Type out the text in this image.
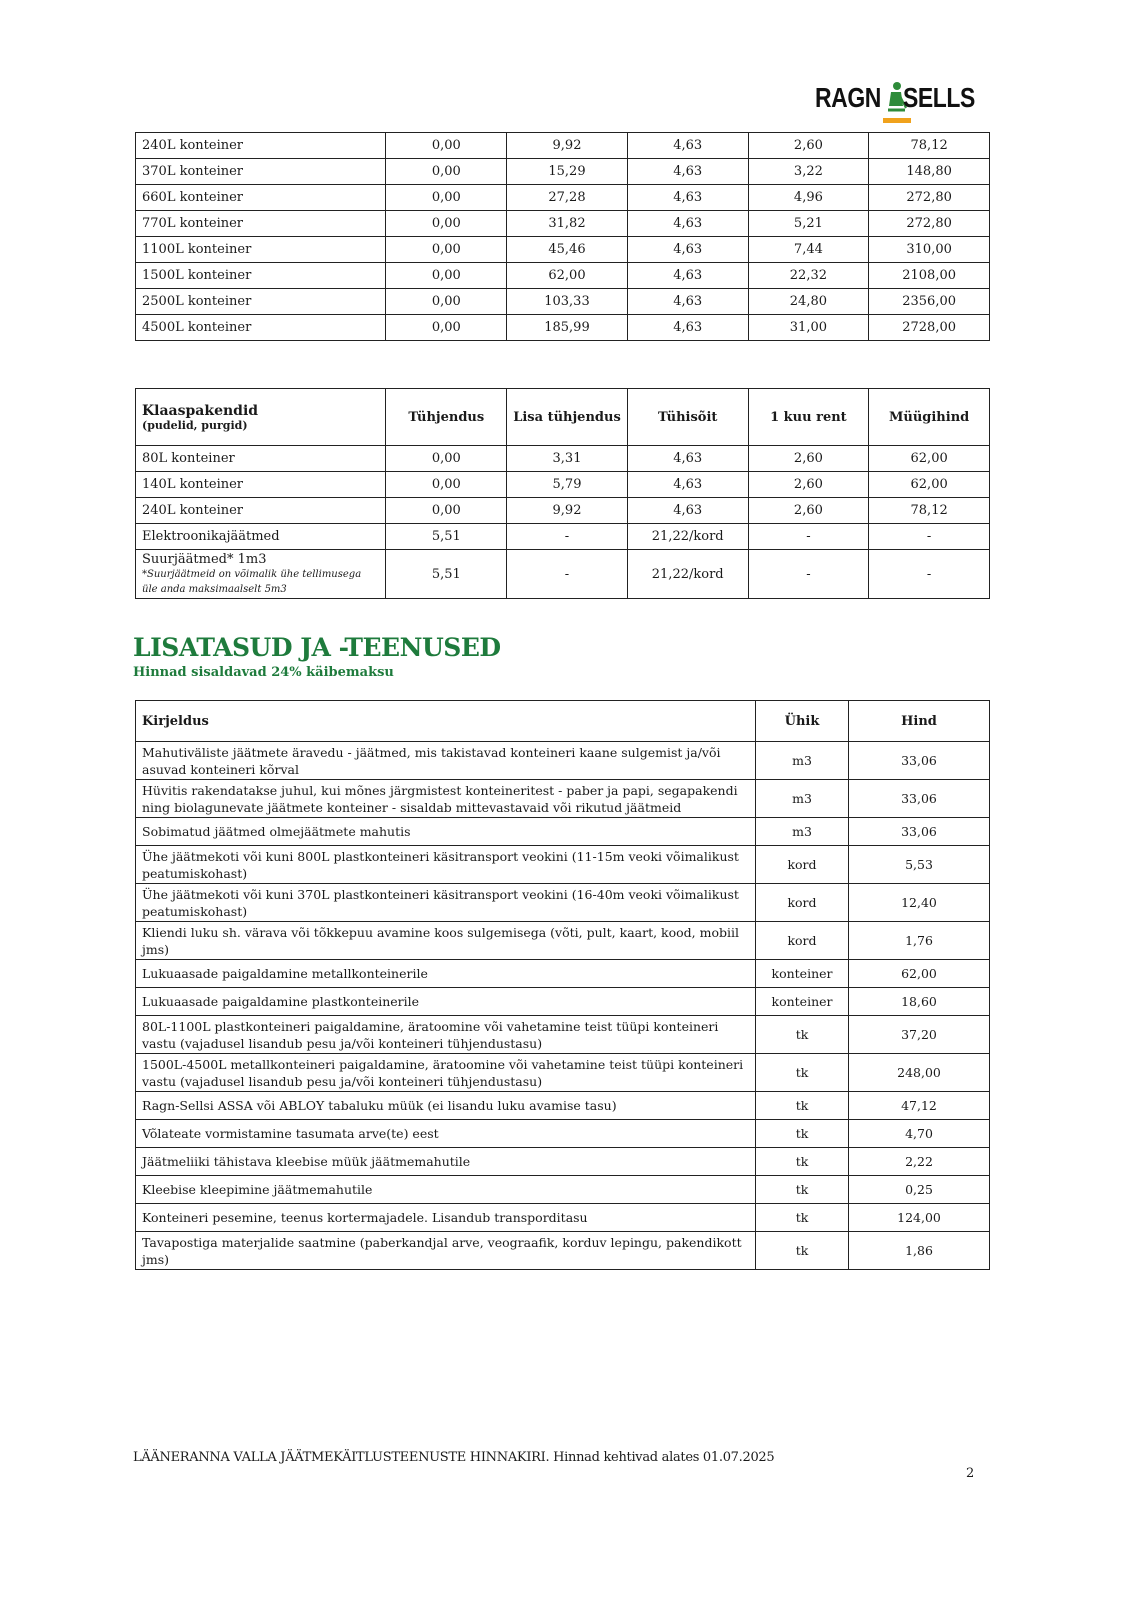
RAGN SELLS
240L konteiner	0,00	9,92	4,63	2,60	78,12
370L konteiner	0,00	15,29	4,63	3,22	148,80
660L konteiner	0,00	27,28	4,63	4,96	272,80
770L konteiner	0,00	31,82	4,63	5,21	272,80
1100L konteiner	0,00	45,46	4,63	7,44	310,00
1500L konteiner	0,00	62,00	4,63	22,32	2108,00
2500L konteiner	0,00	103,33	4,63	24,80	2356,00
4500L konteiner	0,00	185,99	4,63	31,00	2728,00
Klaaspakendid
(pudelid, purgid)	Tühjendus	Lisa tühjendus	Tühisõit	1 kuu rent	Müügihind
80L konteiner	0,00	3,31	4,63	2,60	62,00
140L konteiner	0,00	5,79	4,63	2,60	62,00
240L konteiner	0,00	9,92	4,63	2,60	78,12
Elektroonikajäätmed	5,51	-	21,22/kord	-	-
Suurjäätmed* 1m3
*Suurjäätmeid on võimalik ühe tellimusega üle anda maksimaalselt 5m3	5,51	-	21,22/kord	-	-
LISATASUD JA -TEENUSED
Hinnad sisaldavad 24% käibemaksu
Kirjeldus	Ühik	Hind
Mahutiväliste jäätmete äravedu - jäätmed, mis takistavad konteineri kaane sulgemist ja/või asuvad konteineri kõrval	m3	33,06
Hüvitis rakendatakse juhul, kui mõnes järgmistest konteineritest - paber ja papi, segapakendi ning biolagunevate jäätmete konteiner - sisaldab mittevastavaid või rikutud jäätmeid	m3	33,06
Sobimatud jäätmed olmejäätmete mahutis	m3	33,06
Ühe jäätmekoti või kuni 800L plastkonteineri käsitransport veokini (11-15m veoki võimalikust peatumiskohast)	kord	5,53
Ühe jäätmekoti või kuni 370L plastkonteineri käsitransport veokini (16-40m veoki võimalikust peatumiskohast)	kord	12,40
Kliendi luku sh. värava või tõkkepuu avamine koos sulgemisega (võti, pult, kaart, kood, mobiil jms)	kord	1,76
Lukuaasade paigaldamine metallkonteinerile	konteiner	62,00
Lukuaasade paigaldamine plastkonteinerile	konteiner	18,60
80L-1100L plastkonteineri paigaldamine, äratoomine või vahetamine teist tüüpi konteineri vastu (vajadusel lisandub pesu ja/või konteineri tühjendustasu)	tk	37,20
1500L-4500L metallkonteineri paigaldamine, äratoomine või vahetamine teist tüüpi konteineri vastu (vajadusel lisandub pesu ja/või konteineri tühjendustasu)	tk	248,00
Ragn-Sellsi ASSA või ABLOY tabaluku müük (ei lisandu luku avamise tasu)	tk	47,12
Võlateate vormistamine tasumata arve(te) eest	tk	4,70
Jäätmeliiki tähistava kleebise müük jäätmemahutile	tk	2,22
Kleebise kleepimine jäätmemahutile	tk	0,25
Konteineri pesemine, teenus kortermajadele. Lisandub transporditasu	tk	124,00
Tavapostiga materjalide saatmine (paberkandjal arve, veograafik, korduv lepingu, pakendikott jms)	tk	1,86
LÄÄNERANNA VALLA JÄÄTMEKÄITLUSTEENUSTE HINNAKIRI. Hinnad kehtivad alates 01.07.2025
2
